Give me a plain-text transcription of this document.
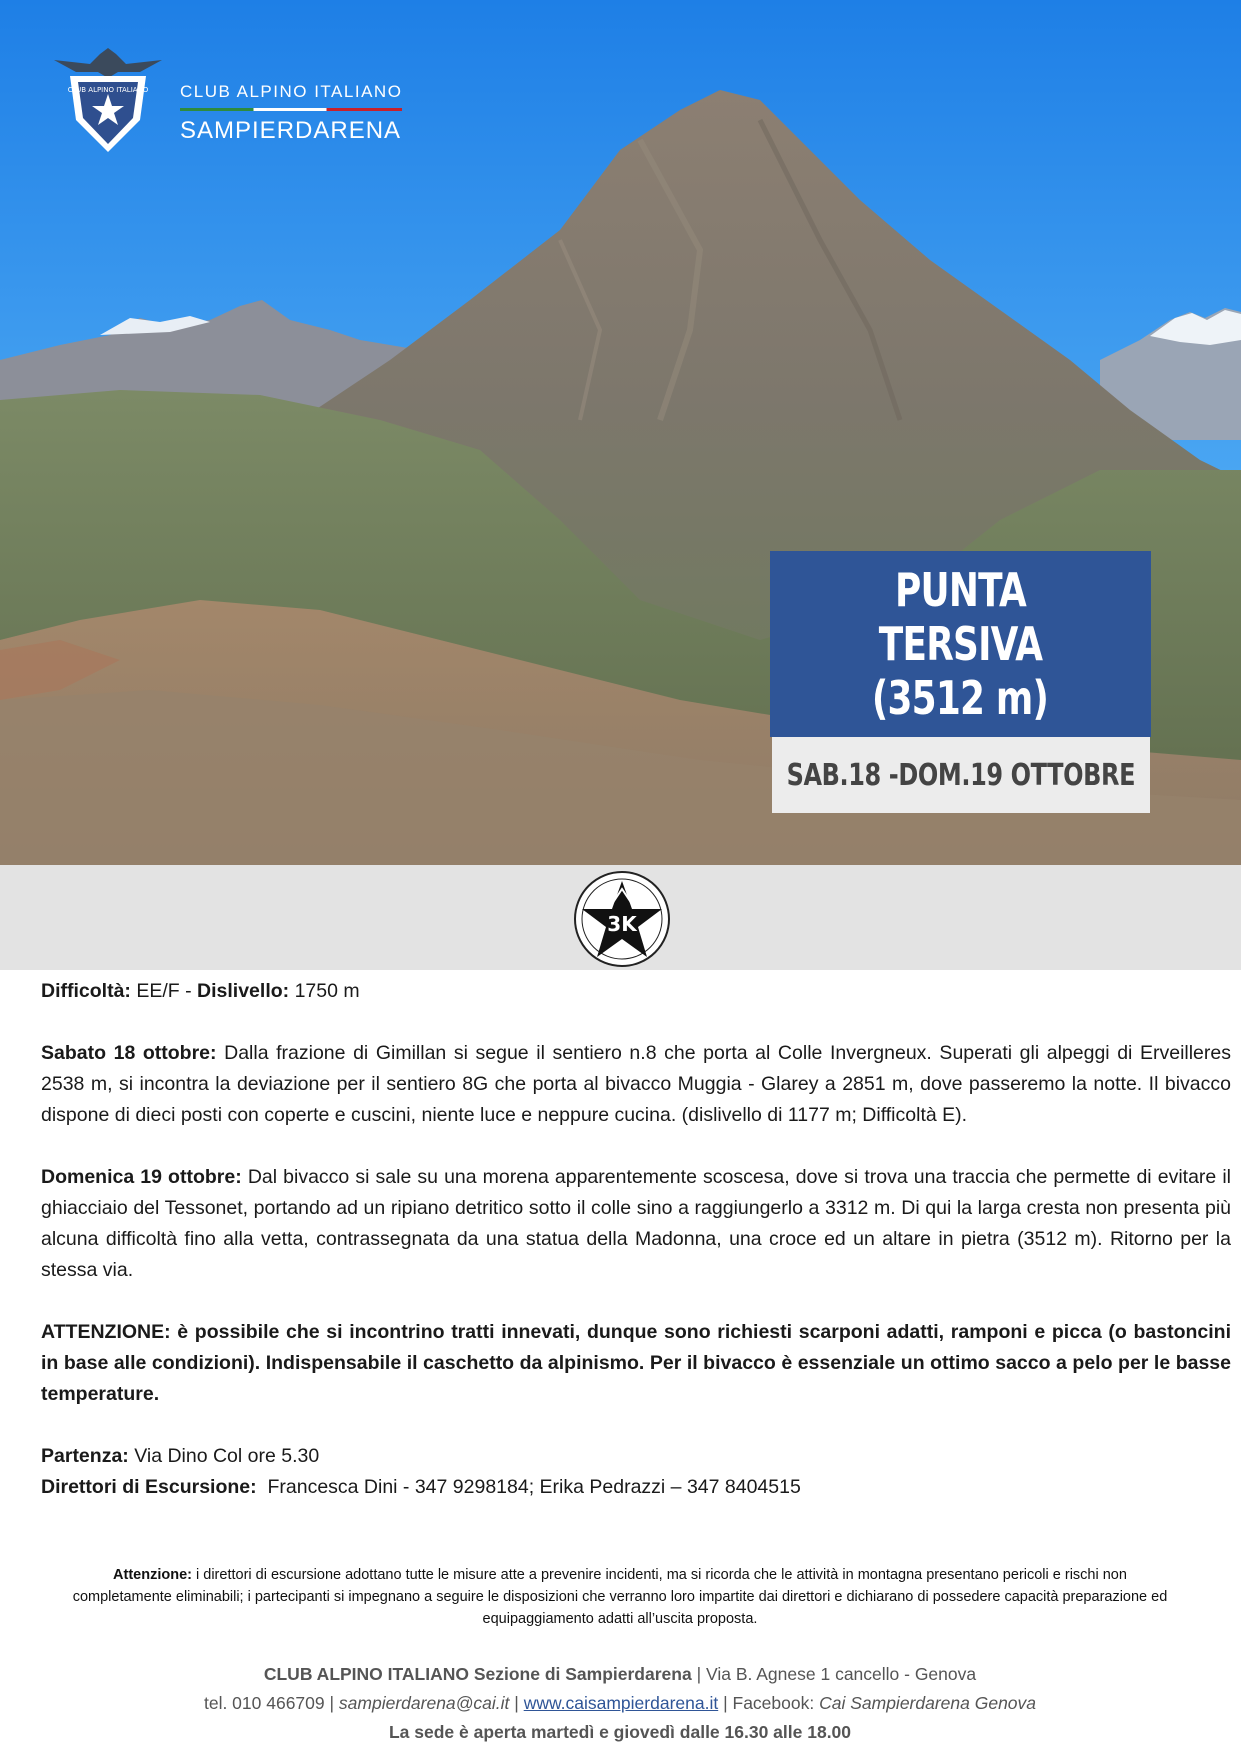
CLUB ALPINO ITALIANO CLUB ALPINO ITALIANO
SAMPIERDARENA
PUNTA TERSIVA
(3512 m)
SAB.18 -DOM.19 OTTOBRE
3K

Difficoltà: EE/F - Dislivello: 1750 m

Sabato 18 ottobre: Dalla frazione di Gimillan si segue il sentiero n.8 che porta al Colle Invergneux. Superati gli alpeggi di Erveilleres 2538 m, si incontra la deviazione per il sentiero 8G che porta al bivacco Muggia - Glarey a 2851 m, dove passeremo la notte. Il bivacco dispone di dieci posti con coperte e cuscini, niente luce e neppure cucina. (dislivello di 1177 m; Difficoltà E).

Domenica 19 ottobre: Dal bivacco si sale su una morena apparentemente scoscesa, dove si trova una traccia che permette di evitare il ghiacciaio del Tessonet, portando ad un ripiano detritico sotto il colle sino a raggiungerlo a 3312 m. Di qui la larga cresta non presenta più alcuna difficoltà fino alla vetta, contrassegnata da una statua della Madonna, una croce ed un altare in pietra (3512 m). Ritorno per la stessa via.

ATTENZIONE: è possibile che si incontrino tratti innevati, dunque sono richiesti scarponi adatti, ramponi e picca (o bastoncini in base alle condizioni). Indispensabile il caschetto da alpinismo. Per il bivacco è essenziale un ottimo sacco a pelo per le basse temperature.

Partenza: Via Dino Col ore 5.30

Direttori di Escursione: Francesca Dini - 347 9298184; Erika Pedrazzi – 347 8404515

Attenzione: i direttori di escursione adottano tutte le misure atte a prevenire incidenti, ma si ricorda che le attività in montagna presentano pericoli e rischi non completamente eliminabili; i partecipanti si impegnano a seguire le disposizioni che verranno loro impartite dai direttori e dichiarano di possedere capacità preparazione ed equipaggiamento adatti all’uscita proposta.
CLUB ALPINO ITALIANO Sezione di Sampierdarena | Via B. Agnese 1 cancello - Genova
tel. 010 466709 | sampierdarena@cai.it | www.caisampierdarena.it | Facebook: Cai Sampierdarena Genova
La sede è aperta martedì e giovedì dalle 16.30 alle 18.00
